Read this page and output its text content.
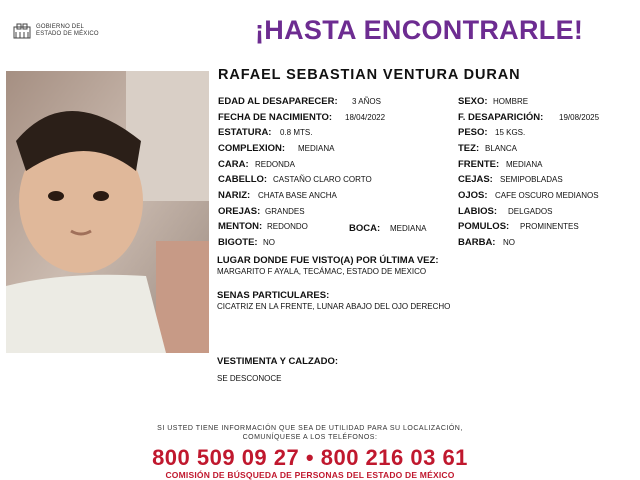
GOBIERNO DEL
ESTADO DE MÉXICO	¡HASTA ENCONTRARLE!
RAFAEL SEBASTIAN VENTURA DURAN
EDAD AL DESAPARECER: 3 AÑOS
FECHA DE NACIMIENTO: 18/04/2022
ESTATURA: 0.8 MTS.
COMPLEXION: MEDIANA
CARA: REDONDA
CABELLO: CASTAÑO CLARO CORTO
NARIZ: CHATA BASE ANCHA
OREJAS: GRANDES
MENTON: REDONDO	BOCA: MEDIANA
BIGOTE: NO
SEXO: HOMBRE
F. DESAPARICIÓN: 19/08/2025
PESO: 15 KGS.
TEZ: BLANCA
FRENTE: MEDIANA
CEJAS: SEMIPOBLADAS
OJOS: CAFE OSCURO MEDIANOS
LABIOS: DELGADOS
POMULOS: PROMINENTES
BARBA: NO
LUGAR DONDE FUE VISTO(A) POR ÚLTIMA VEZ:
MARGARITO F AYALA, TECÁMAC, ESTADO DE MEXICO
SENAS PARTICULARES:
CICATRIZ EN LA FRENTE, LUNAR ABAJO DEL OJO DERECHO
VESTIMENTA Y CALZADO:
SE DESCONOCE
SI USTED TIENE INFORMACIÓN QUE SEA DE UTILIDAD PARA SU LOCALIZACIÓN,
COMUNÍQUESE A LOS TELÉFONOS:
800 509 09 27 • 800 216 03 61
COMISIÓN DE BÚSQUEDA DE PERSONAS DEL ESTADO DE MÉXICO
